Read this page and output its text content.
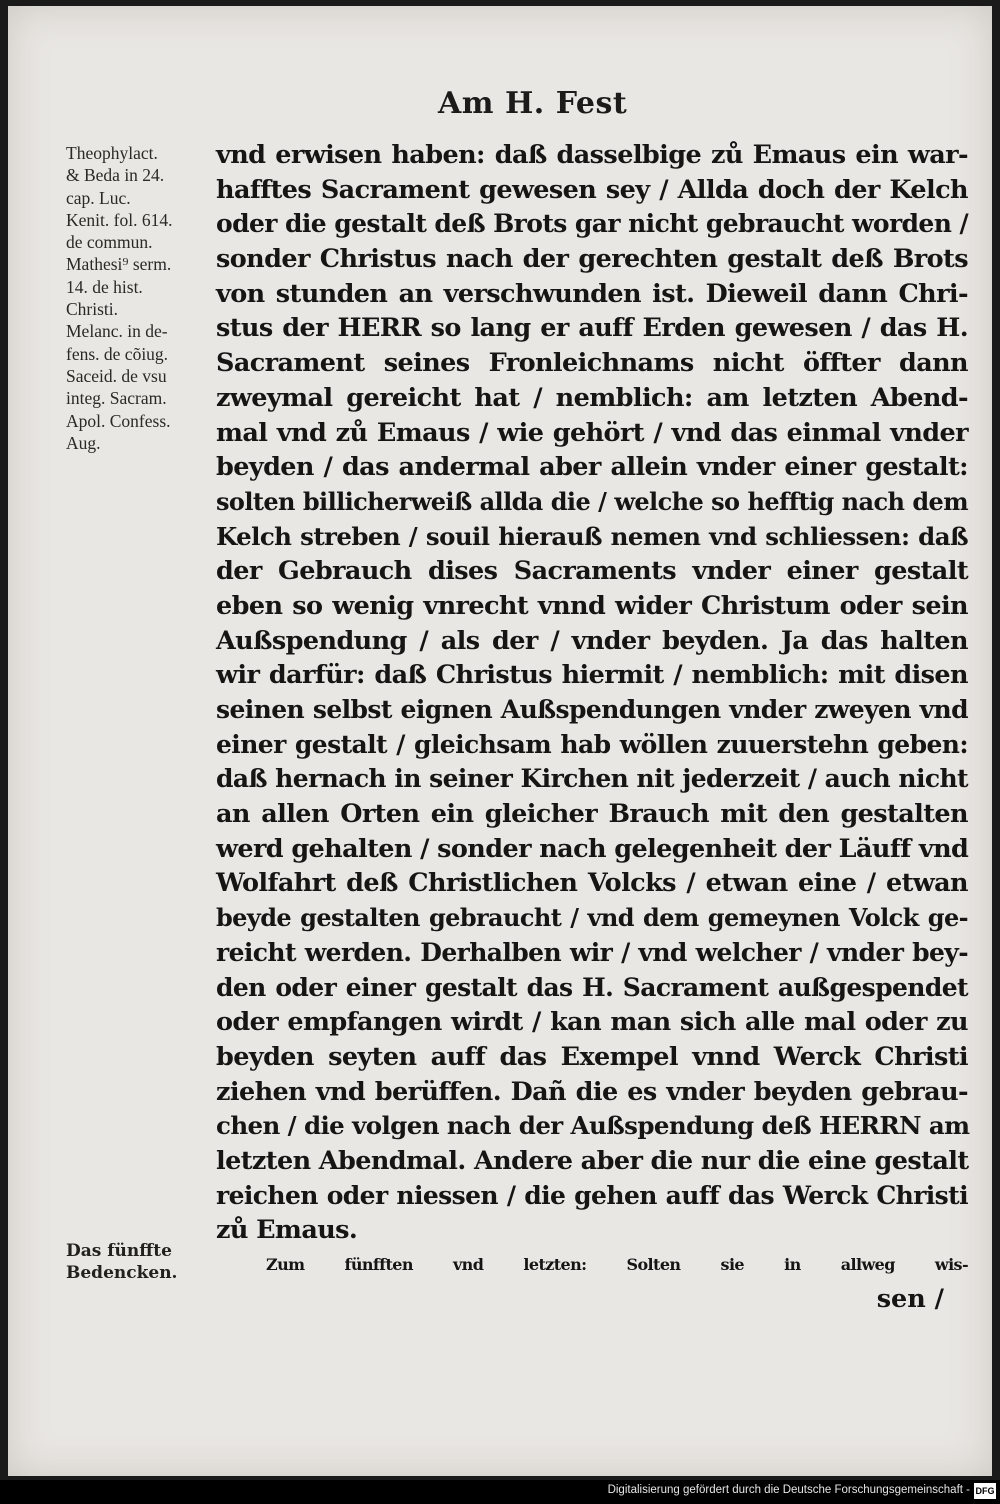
Am H. Fest
Theophylact.
& Beda in 24.
cap. Luc.
Kenit. fol. 614.
de commun.
Mathesi⁹ serm.
14. de hist.
Christi.
Melanc. in de-
fens. de cõiug.
Saceid. de vsu
integ. Sacram.
Apol. Confess.
Aug.
Das fünffte
Bedencken.
vnd erwisen haben: daß dasselbige zů Emaus ein war-
hafftes Sacrament gewesen sey / Allda doch der Kelch
oder die gestalt deß Brots gar nicht gebraucht worden /
sonder Christus nach der gerechten gestalt deß Brots
von stunden an verschwunden ist. Dieweil dann Chri-
stus der HERR so lang er auff Erden gewesen / das H.
Sacrament seines Fronleichnams nicht öffter dann
zweymal gereicht hat / nemblich: am letzten Abend-
mal vnd zů Emaus / wie gehört / vnd das einmal vnder
beyden / das andermal aber allein vnder einer gestalt:
solten billicherweiß allda die / welche so hefftig nach dem
Kelch streben / souil hierauß nemen vnd schliessen: daß
der Gebrauch dises Sacraments vnder einer gestalt
eben so wenig vnrecht vnnd wider Christum oder sein
Außspendung / als der / vnder beyden. Ja das halten
wir darfür: daß Christus hiermit / nemblich: mit disen
seinen selbst eignen Außspendungen vnder zweyen vnd
einer gestalt / gleichsam hab wöllen zuuerstehn geben:
daß hernach in seiner Kirchen nit jederzeit / auch nicht
an allen Orten ein gleicher Brauch mit den gestalten
werd gehalten / sonder nach gelegenheit der Läuff vnd
Wolfahrt deß Christlichen Volcks / etwan eine / etwan
beyde gestalten gebraucht / vnd dem gemeynen Volck ge-
reicht werden. Derhalben wir / vnd welcher / vnder bey-
den oder einer gestalt das H. Sacrament außgespendet
oder empfangen wirdt / kan man sich alle mal oder zu
beyden seyten auff das Exempel vnnd Werck Christi
ziehen vnd berüffen. Dañ die es vnder beyden gebrau-
chen / die volgen nach der Außspendung deß HERRN am
letzten Abendmal. Andere aber die nur die eine gestalt
reichen oder niessen / die gehen auff das Werck Christi
zů Emaus.
Zum fünfften vnd letzten: Solten sie in allweg wis-
sen /
Digitalisierung gefördert durch die Deutsche Forschungsgemeinschaft - DFG
